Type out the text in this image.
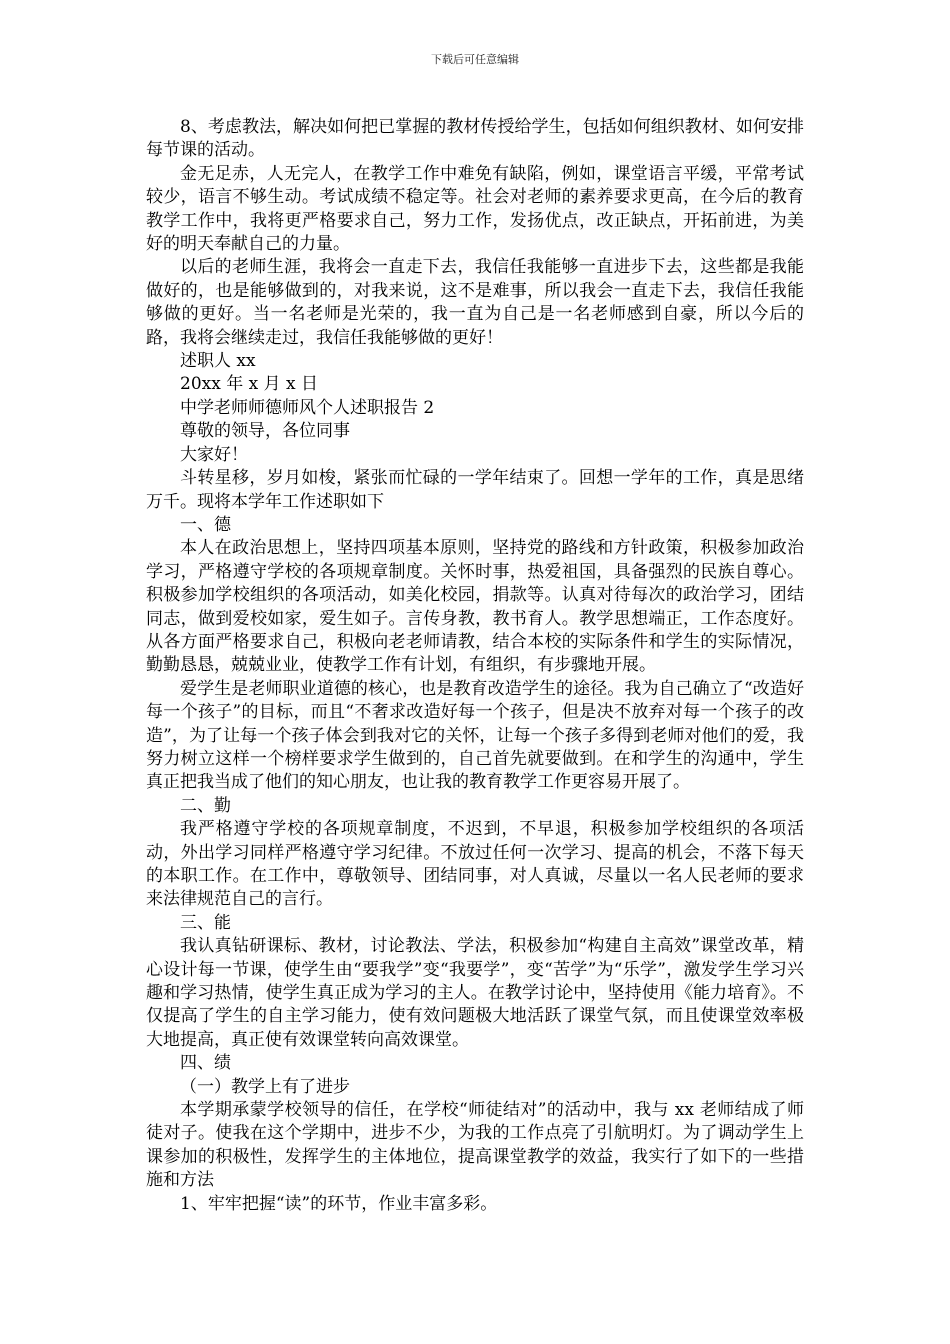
下载后可任意编辑

8、考虑教法，解决如何把已掌握的教材传授给学生，包括如何组织教材、如何安排每节课的活动。

金无足赤，人无完人，在教学工作中难免有缺陷，例如，课堂语言平缓，平常考试较少，语言不够生动。考试成绩不稳定等。社会对老师的素养要求更高，在今后的教育教学工作中，我将更严格要求自己，努力工作，发扬优点，改正缺点，开拓前进，为美好的明天奉献自己的力量。

以后的老师生涯，我将会一直走下去，我信任我能够一直进步下去，这些都是我能做好的，也是能够做到的，对我来说，这不是难事，所以我会一直走下去，我信任我能够做的更好。当一名老师是光荣的，我一直为自己是一名老师感到自豪，所以今后的路，我将会继续走过，我信任我能够做的更好！

述职人 xx

20xx 年 x 月 x 日

中学老师师德师风个人述职报告 2

尊敬的领导，各位同事

大家好！

斗转星移，岁月如梭，紧张而忙碌的一学年结束了。回想一学年的工作，真是思绪万千。现将本学年工作述职如下

一、德

本人在政治思想上，坚持四项基本原则，坚持党的路线和方针政策，积极参加政治学习，严格遵守学校的各项规章制度。关怀时事，热爱祖国，具备强烈的民族自尊心。积极参加学校组织的各项活动，如美化校园，捐款等。认真对待每次的政治学习，团结同志，做到爱校如家，爱生如子。言传身教，教书育人。教学思想端正，工作态度好。从各方面严格要求自己，积极向老老师请教，结合本校的实际条件和学生的实际情况，勤勤恳恳，兢兢业业，使教学工作有计划，有组织，有步骤地开展。

爱学生是老师职业道德的核心，也是教育改造学生的途径。我为自己确立了“改造好每一个孩子”的目标，而且“不奢求改造好每一个孩子，但是决不放弃对每一个孩子的改造”，为了让每一个孩子体会到我对它的关怀，让每一个孩子多得到老师对他们的爱，我努力树立这样一个榜样要求学生做到的，自己首先就要做到。在和学生的沟通中，学生真正把我当成了他们的知心朋友，也让我的教育教学工作更容易开展了。

二、勤

我严格遵守学校的各项规章制度，不迟到，不早退，积极参加学校组织的各项活动，外出学习同样严格遵守学习纪律。不放过任何一次学习、提高的机会，不落下每天的本职工作。在工作中，尊敬领导、团结同事，对人真诚，尽量以一名人民老师的要求来法律规范自己的言行。

三、能

我认真钻研课标、教材，讨论教法、学法，积极参加“构建自主高效”课堂改革，精心设计每一节课，使学生由“要我学”变“我要学”，变“苦学”为“乐学”，激发学生学习兴趣和学习热情，使学生真正成为学习的主人。在教学讨论中，坚持使用《能力培育》。不仅提高了学生的自主学习能力，使有效问题极大地活跃了课堂气氛，而且使课堂效率极大地提高，真正使有效课堂转向高效课堂。

四、绩

（一）教学上有了进步

本学期承蒙学校领导的信任，在学校“师徒结对”的活动中，我与 xx 老师结成了师徒对子。使我在这个学期中，进步不少，为我的工作点亮了引航明灯。为了调动学生上课参加的积极性，发挥学生的主体地位，提高课堂教学的效益，我实行了如下的一些措施和方法

1、牢牢把握“读”的环节，作业丰富多彩。
